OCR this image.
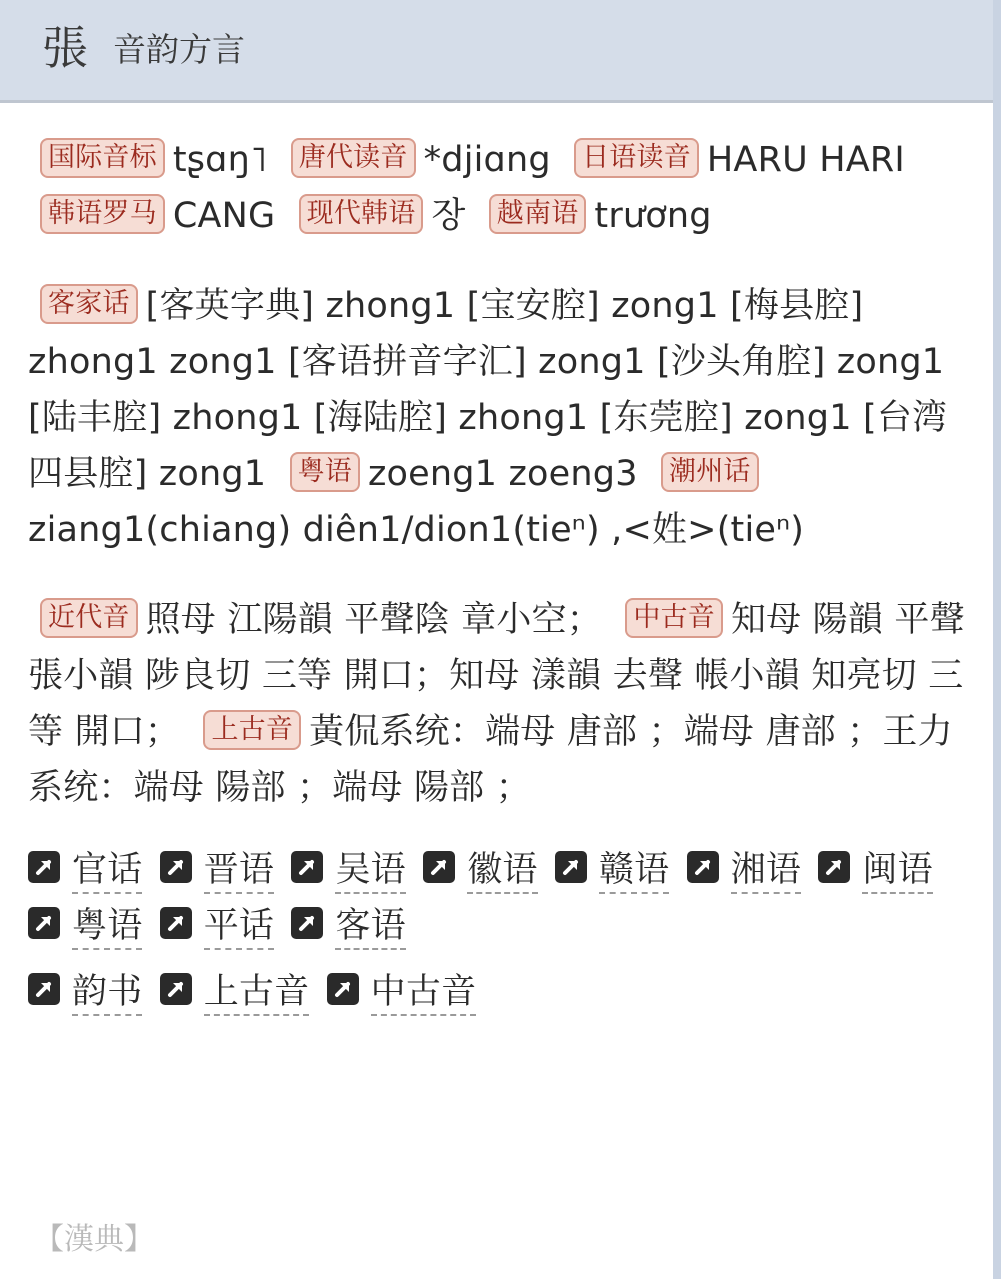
張 音韵方言

国际音标 tʂɑŋ˥ 唐代读音 *djiɑng 日语读音 HARU HARI 韩语罗马 CANG 现代韩语 장 越南语 trương

客家话 [客英字典] zhong1 [宝安腔] zong1 [梅县腔] zhong1 zong1 [客语拼音字汇] zong1 [沙头角腔] zong1 [陆丰腔] zhong1 [海陆腔] zhong1 [东莞腔] zong1 [台湾四县腔] zong1 粤语 zoeng1 zoeng3 潮州话ziang1(chiang) diên1/dion1(tieⁿ) ,<姓>(tieⁿ)

近代音 照母 江陽韻 平聲陰 章小空； 中古音 知母 陽韻 平聲 張小韻 陟良切 三等 開口；知母 漾韻 去聲 帳小韻 知亮切 三等 開口； 上古音 黃侃系统：端母 唐部 ；端母 唐部 ；王力系统：端母 陽部 ；端母 陽部 ；

官话 晋语 吴语 徽语 赣语 湘语 闽语
粤语 平话 客语
韵书 上古音 中古音
【漢典】
